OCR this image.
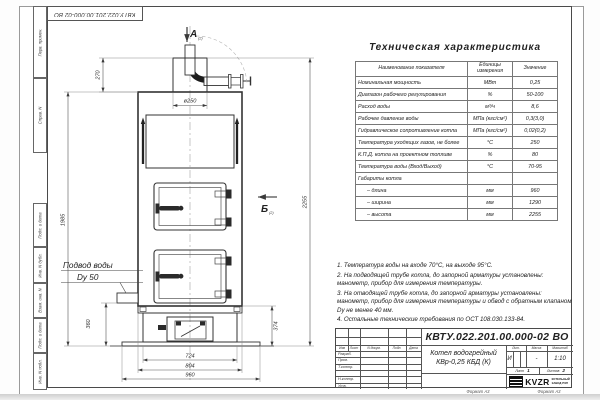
Перв. примен.
Справ. N
Подп. и дата
Инв. N дубл.
Взам. инв. N
Подп. и дата
Инв. N подл.
КВТУ.022.201.00.000-02 ВО
А (2)
Б (2)
Подвод воды
Dy 50
ø250
270
1985
2255
360	374
724
804
960
Техническая характеристика
Наименование показателя	Единицы измерения	Значение
Номинальная мощность	МВт	0,25
Диапазон рабочего регулирования	%	50-100
Расход воды	м³/ч	8,6
Рабочее давление воды	МПа (кгс/см²)	0,3(3,0)
Гидравлическое сопротивление котла	МПа (кгс/см²)	0,02(0,2)
Температура уходящих газов, не более	°С	250
К.П.Д. котла на проектном топливе	%	80
Температура воды (Вход/Выход)	°С	70-95
Габариты котла		
– длина	мм	960
– ширина	мм	1290
– высота	мм	2255

1. Температура воды на входе 70°С, на выходе 95°С.

2. На подводящей трубе котла, до запорной арматуры установлены: манометр, прибор для измерения температуры.

3. На отводящей трубе котла, до запорной арматуры установлены: манометр, прибор для измерения температуры и обвод с обратным клапаном Dу не менее 40 мм.

4. Остальные технические требования по ОСТ 108.030.133-84.

КВТУ.022.201.00.000-02 ВО
Изм	Лист	N докум.	Подп.	Дата
Разраб.
Пров.
Т.контр.
Н.контр.
Утв.
Котел водогрейный
КВр-0,25 КБД (К)
Лит.	Масса	Масштаб
И	-	1:10
Лист 1	Листов 2
KVZR КОТЕЛЬНЫЙ
ЗАВОД РЭП
Формат А3	Формат А3
